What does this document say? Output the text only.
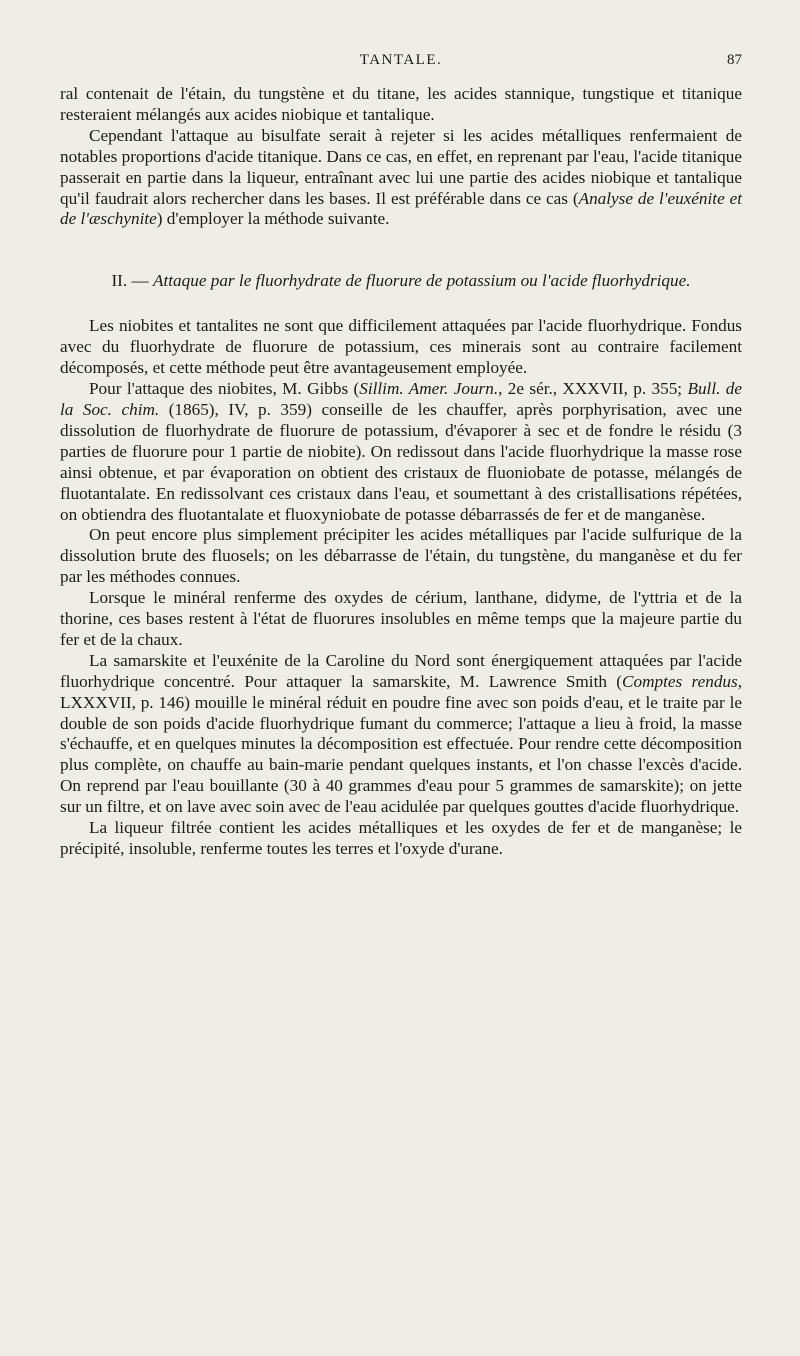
TANTALE.	87

ral contenait de l'étain, du tungstène et du titane, les acides stannique, tungstique et titanique resteraient mélangés aux acides niobique et tantalique.

Cependant l'attaque au bisulfate serait à rejeter si les acides métalliques renfermaient de notables proportions d'acide titanique. Dans ce cas, en effet, en reprenant par l'eau, l'acide titanique passerait en partie dans la liqueur, entraînant avec lui une partie des acides niobique et tantalique qu'il faudrait alors rechercher dans les bases. Il est préférable dans ce cas (Analyse de l'euxénite et de l'æschynite) d'employer la méthode suivante.

II. — Attaque par le fluorhydrate de fluorure de potassium ou l'acide fluorhydrique.

Les niobites et tantalites ne sont que difficilement attaquées par l'acide fluorhydrique. Fondus avec du fluorhydrate de fluorure de potassium, ces minerais sont au contraire facilement décomposés, et cette méthode peut être avantageusement employée.

Pour l'attaque des niobites, M. Gibbs (Sillim. Amer. Journ., 2e sér., XXXVII, p. 355; Bull. de la Soc. chim. (1865), IV, p. 359) conseille de les chauffer, après porphyrisation, avec une dissolution de fluorhydrate de fluorure de potassium, d'évaporer à sec et de fondre le résidu (3 parties de fluorure pour 1 partie de niobite). On redissout dans l'acide fluorhydrique la masse rose ainsi obtenue, et par évaporation on obtient des cristaux de fluoniobate de potasse, mélangés de fluotantalate. En redissolvant ces cristaux dans l'eau, et soumettant à des cristallisations répétées, on obtiendra des fluotantalate et fluoxyniobate de potasse débarrassés de fer et de manganèse.

On peut encore plus simplement précipiter les acides métalliques par l'acide sulfurique de la dissolution brute des fluosels; on les débarrasse de l'étain, du tungstène, du manganèse et du fer par les méthodes connues.

Lorsque le minéral renferme des oxydes de cérium, lanthane, didyme, de l'yttria et de la thorine, ces bases restent à l'état de fluorures insolubles en même temps que la majeure partie du fer et de la chaux.

La samarskite et l'euxénite de la Caroline du Nord sont énergiquement attaquées par l'acide fluorhydrique concentré. Pour attaquer la samarskite, M. Lawrence Smith (Comptes rendus, LXXXVII, p. 146) mouille le minéral réduit en poudre fine avec son poids d'eau, et le traite par le double de son poids d'acide fluorhydrique fumant du commerce; l'attaque a lieu à froid, la masse s'échauffe, et en quelques minutes la décomposition est effectuée. Pour rendre cette décomposition plus complète, on chauffe au bain-marie pendant quelques instants, et l'on chasse l'excès d'acide. On reprend par l'eau bouillante (30 à 40 grammes d'eau pour 5 grammes de samarskite); on jette sur un filtre, et on lave avec soin avec de l'eau acidulée par quelques gouttes d'acide fluorhydrique.

La liqueur filtrée contient les acides métalliques et les oxydes de fer et de manganèse; le précipité, insoluble, renferme toutes les terres et l'oxyde d'urane.
